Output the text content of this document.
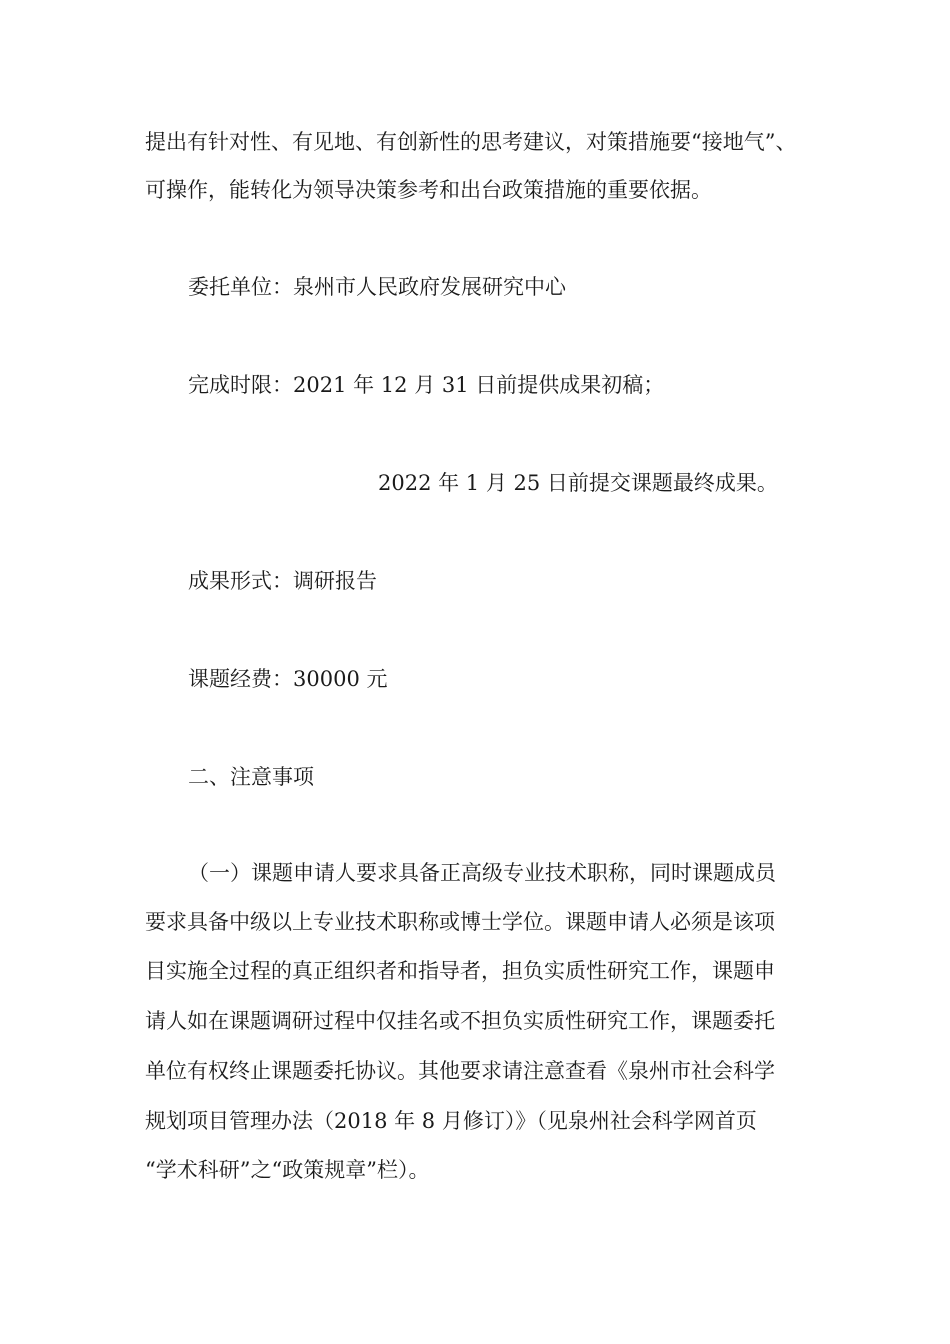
提出有针对性、有见地、有创新性的思考建议，对策措施要“接地气”、
可操作，能转化为领导决策参考和出台政策措施的重要依据。
委托单位：泉州市人民政府发展研究中心
完成时限：2021 年 12 月 31 日前提供成果初稿；
2022 年 1 月 25 日前提交课题最终成果。
成果形式：调研报告
课题经费：30000 元
二、注意事项
（一）课题申请人要求具备正高级专业技术职称，同时课题成员
要求具备中级以上专业技术职称或博士学位。课题申请人必须是该项
目实施全过程的真正组织者和指导者，担负实质性研究工作，课题申
请人如在课题调研过程中仅挂名或不担负实质性研究工作，课题委托
单位有权终止课题委托协议。其他要求请注意查看《泉州市社会科学
规划项目管理办法（2018 年 8 月修订）》（见泉州社会科学网首页
“学术科研”之“政策规章”栏）。
